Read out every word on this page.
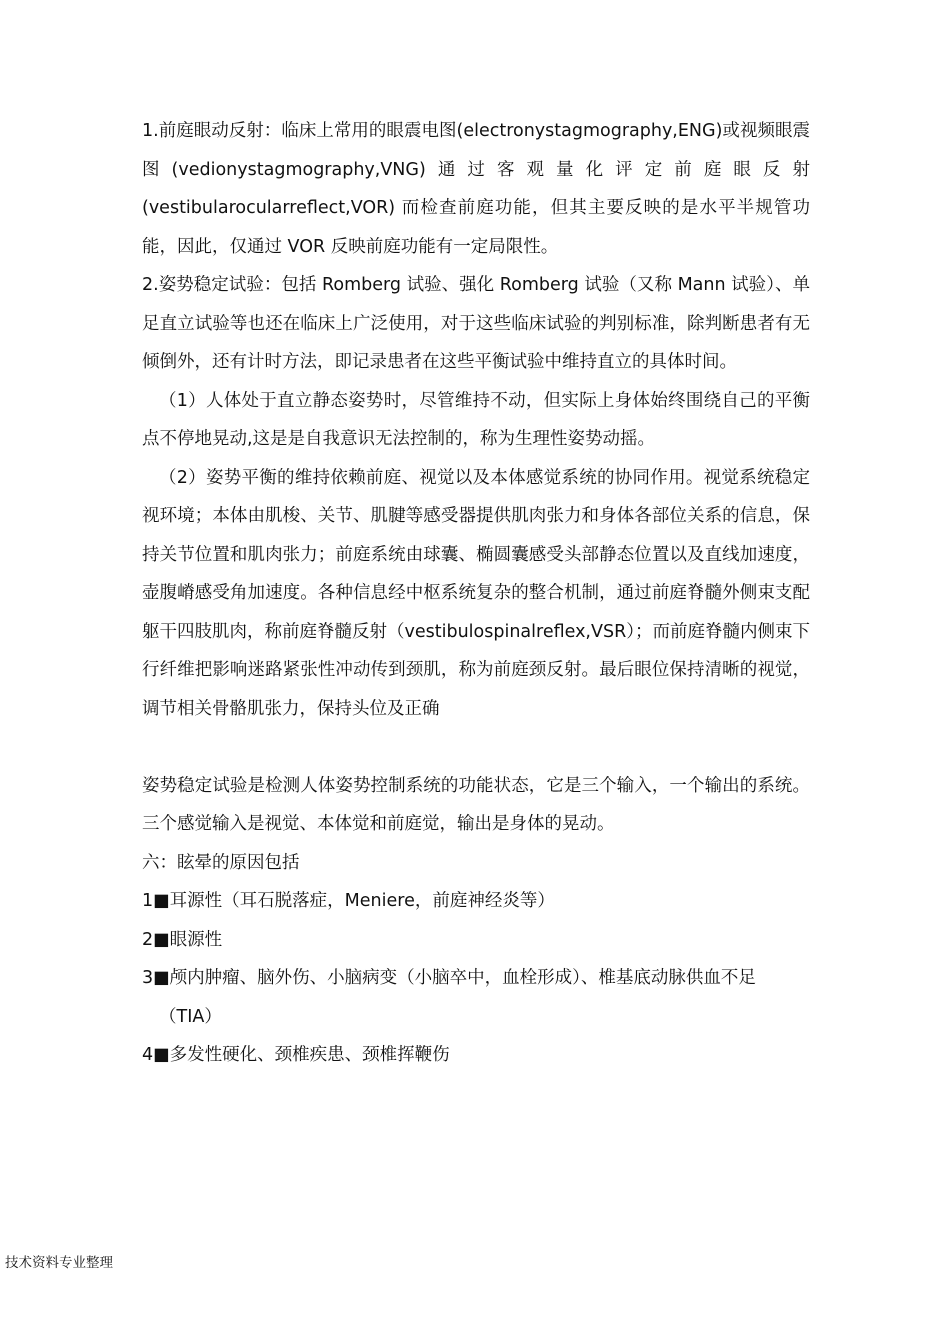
1.前庭眼动反射：临床上常用的眼震电图(electronystagmography,ENG)或视频眼震图(vedionystagmography,VNG)通过客观量化评定前庭眼反射(vestibularocularreflect,VOR) 而检查前庭功能，但其主要反映的是水平半规管功能，因此，仅通过 VOR 反映前庭功能有一定局限性。

2.姿势稳定试验：包括 Romberg 试验、强化 Romberg 试验（又称 Mann 试验）、单足直立试验等也还在临床上广泛使用，对于这些临床试验的判别标准，除判断患者有无倾倒外，还有计时方法，即记录患者在这些平衡试验中维持直立的具体时间。

（1）人体处于直立静态姿势时，尽管维持不动，但实际上身体始终围绕自己的平衡点不停地晃动,这是是自我意识无法控制的，称为生理性姿势动摇。

（2）姿势平衡的维持依赖前庭、视觉以及本体感觉系统的协同作用。视觉系统稳定视环境；本体由肌梭、关节、肌腱等感受器提供肌肉张力和身体各部位关系的信息，保持关节位置和肌肉张力；前庭系统由球囊、椭圆囊感受头部静态位置以及直线加速度，壶腹嵴感受角加速度。各种信息经中枢系统复杂的整合机制，通过前庭脊髓外侧束支配躯干四肢肌肉，称前庭脊髓反射（vestibulospinalreflex,VSR）；而前庭脊髓内侧束下行纤维把影响迷路紧张性冲动传到颈肌，称为前庭颈反射。最后眼位保持清晰的视觉，调节相关骨骼肌张力，保持头位及正确

姿势稳定试验是检测人体姿势控制系统的功能状态，它是三个输入，一个输出的系统。三个感觉输入是视觉、本体觉和前庭觉，输出是身体的晃动。

六：眩晕的原因包括

1■耳源性（耳石脱落症，Meniere，前庭神经炎等）

2■眼源性

3■颅内肿瘤、脑外伤、小脑病变（小脑卒中，血栓形成）、椎基底动脉供血不足

（TIA）

4■多发性硬化、颈椎疾患、颈椎挥鞭伤

技术资料专业整理
